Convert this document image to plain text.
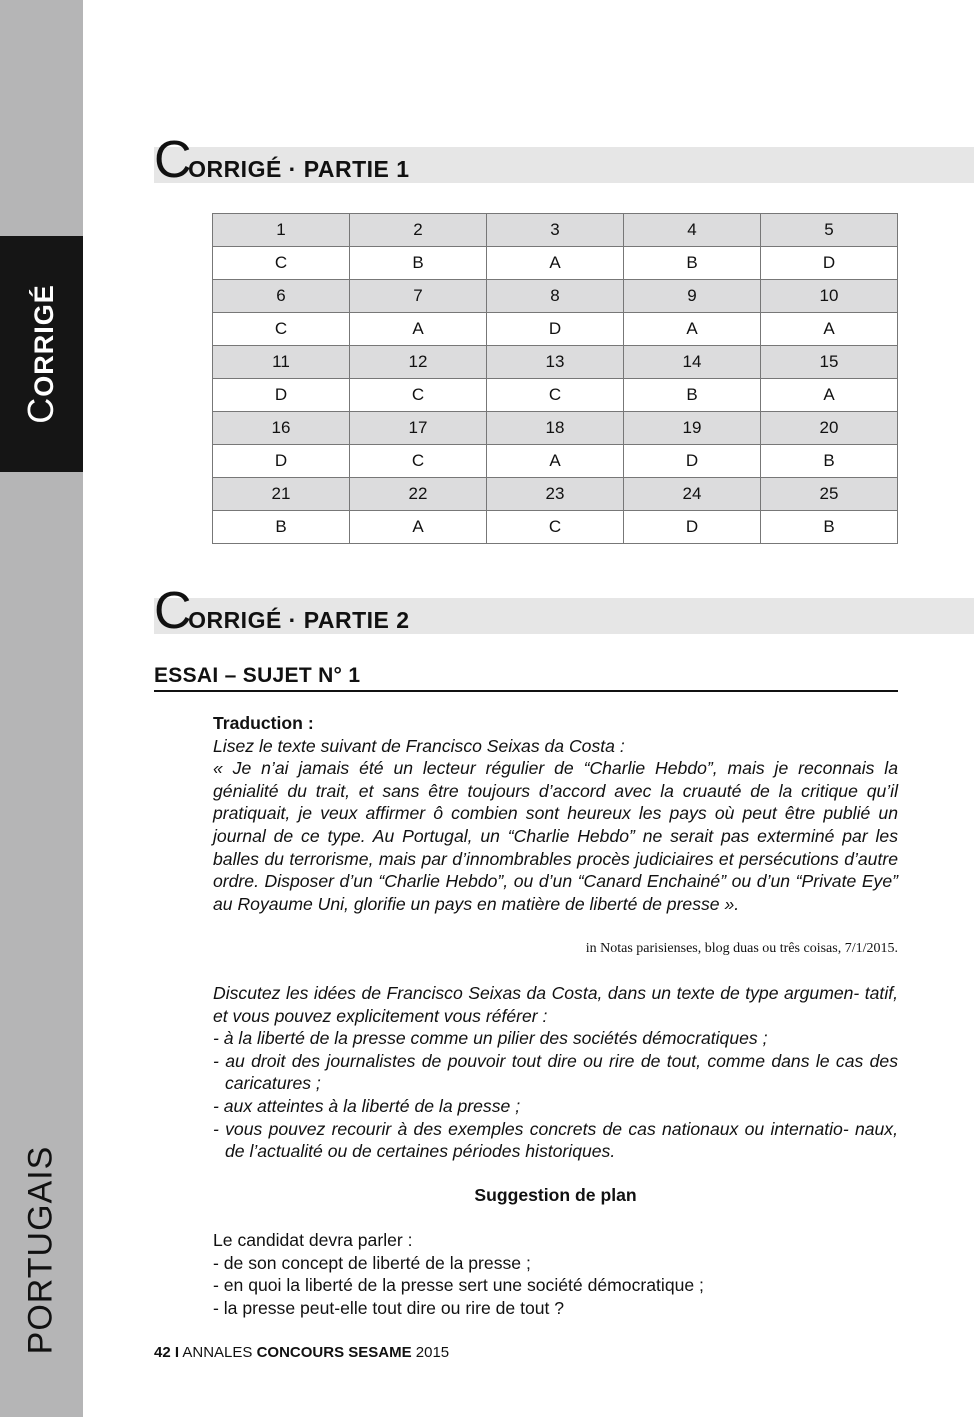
CORRIGÉ
PORTUGAIS
CORRIGÉ · PARTIE 1
1	2	3	4	5
C	B	A	B	D
6	7	8	9	10
C	A	D	A	A
11	12	13	14	15
D	C	C	B	A
16	17	18	19	20
D	C	A	D	B
21	22	23	24	25
B	A	C	D	B
CORRIGÉ · PARTIE 2
ESSAI – SUJET N° 1

Traduction :

Lisez le texte suivant de Francisco Seixas da Costa :

« Je n’ai jamais été un lecteur régulier de “Charlie Hebdo”, mais je reconnais la génialité du trait, et sans être toujours d’accord avec la cruauté de la critique qu’il pratiquait, je veux affirmer ô combien sont heureux les pays où peut être publié un journal de ce type. Au Portugal, un “Charlie Hebdo” ne serait pas exterminé par les balles du terrorisme, mais par d’innombrables procès judiciaires et persécutions d’autre ordre. Disposer d’un “Charlie Hebdo”, ou d’un “Canard Enchainé” ou d’un “Private Eye” au Royaume Uni, glorifie un pays en matière de liberté de presse ».

in Notas parisienses, blog duas ou três coisas, 7/1/2015.

Discutez les idées de Francisco Seixas da Costa, dans un texte de type argumen- tatif, et vous pouvez explicitement vous référer :

- à la liberté de la presse comme un pilier des sociétés démocratiques ;

- au droit des journalistes de pouvoir tout dire ou rire de tout, comme dans le cas des caricatures ;

- aux atteintes à la liberté de la presse ;

- vous pouvez recourir à des exemples concrets de cas nationaux ou internatio- naux, de l’actualité ou de certaines périodes historiques.

Suggestion de plan

Le candidat devra parler :

- de son concept de liberté de la presse ;

- en quoi la liberté de la presse sert une société démocratique ;

- la presse peut-elle tout dire ou rire de tout ?

42 I ANNALES CONCOURS SESAME 2015
